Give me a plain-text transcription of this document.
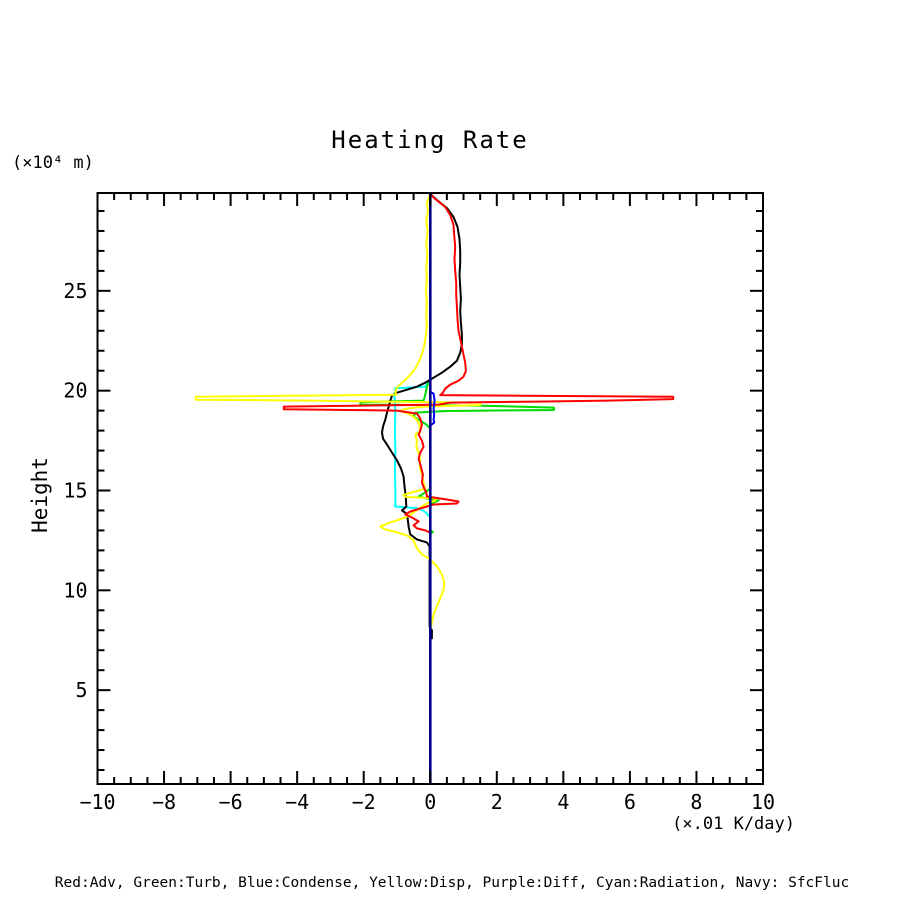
−10 −8 −6 −4 −2 0	2	4	6	8 10
5
10
15
20
25
Heating Rate
(×10⁴ m)
Height
(×.01 K/day)
Red:Adv, Green:Turb, Blue:Condense, Yellow:Disp, Purple:Diff, Cyan:Radiation, Navy: SfcFluc
